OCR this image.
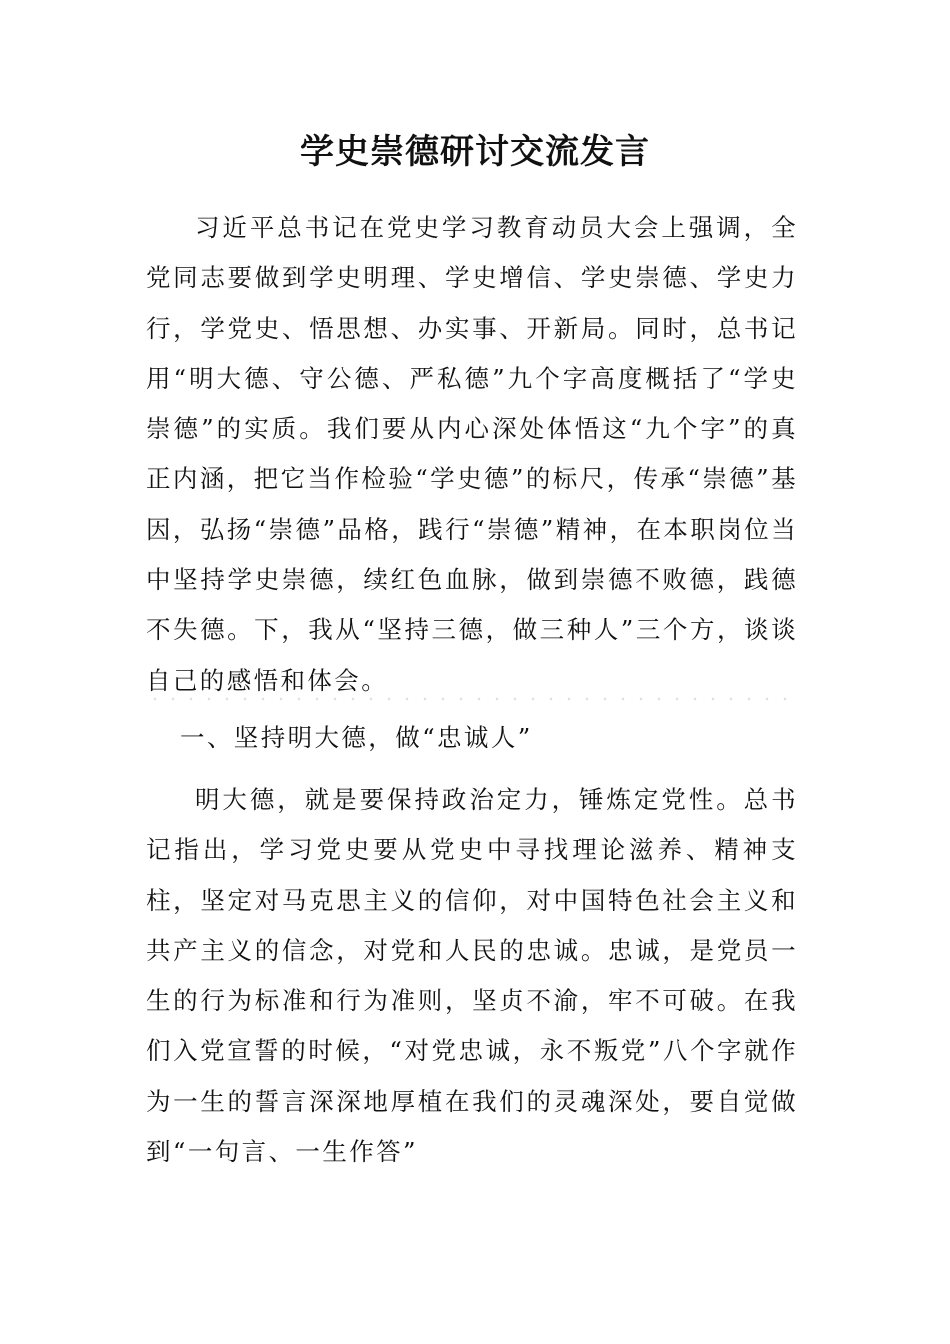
学史崇德研讨交流发言

习近平总书记在党史学习教育动员大会上强调，全党同志要做到学史明理、学史增信、学史崇德、学史力行，学党史、悟思想、办实事、开新局。同时，总书记用“明大德、守公德、严私德”九个字高度概括了“学史崇德”的实质。我们要从内心深处体悟这“九个字”的真正内涵，把它当作检验“学史德”的标尺，传承“崇德”基因，弘扬“崇德”品格，践行“崇德”精神，在本职岗位当中坚持学史崇德，续红色血脉，做到崇德不败德，践德不失德。下，我从“坚持三德，做三种人”三个方，谈谈自己的感悟和体会。

一、坚持明大德，做“忠诚人”

明大德，就是要保持政治定力，锤炼定党性。总书记指出，学习党史要从党史中寻找理论滋养、精神支柱，坚定对马克思主义的信仰，对中国特色社会主义和共产主义的信念，对党和人民的忠诚。忠诚，是党员一生的行为标准和行为准则，坚贞不渝，牢不可破。在我们入党宣誓的时候，“对党忠诚，永不叛党”八个字就作为一生的誓言深深地厚植在我们的灵魂深处，要自觉做到“一句言、一生作答”
